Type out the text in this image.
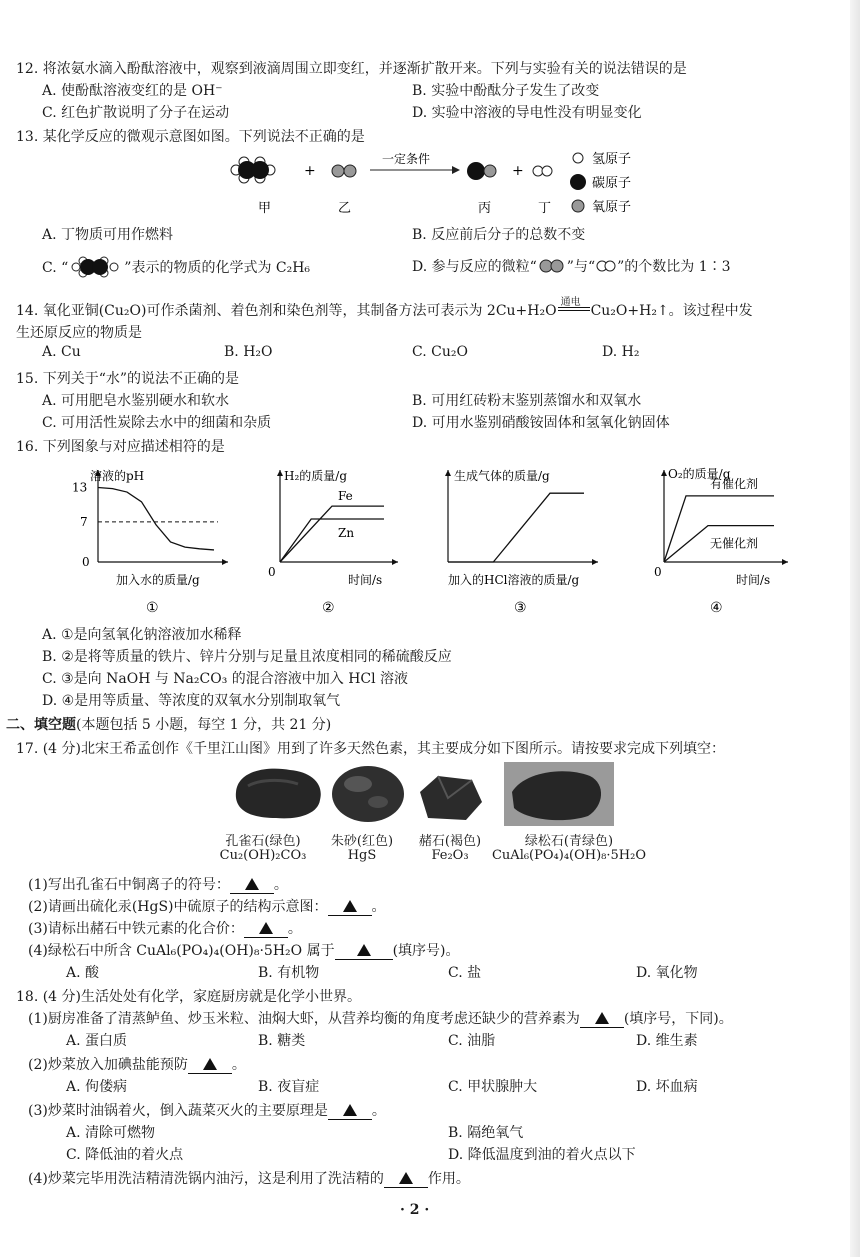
12. 将浓氨水滴入酚酞溶液中，观察到液滴周围立即变红，并逐渐扩散开来。下列与实验有关的说法错误的是
A. 使酚酞溶液变红的是 OH⁻	B. 实验中酚酞分子发生了改变
C. 红色扩散说明了分子在运动	D. 实验中溶液的导电性没有明显变化
13. 某化学反应的微观示意图如图。下列说法不正确的是
+
一定条件
+
甲	乙	丙	丁
氢原子
碳原子
氧原子
A. 丁物质可用作燃料	B. 反应前后分子的总数不变
C. “	”表示的物质的化学式为 C₂H₆	D. 参与反应的微粒“ ”与“ ”的个数比为 1∶3
14. 氧化亚铜(Cu₂O)可作杀菌剂、着色剂和染色剂等，其制备方法可表示为 2Cu+H₂O
通电
Cu₂O+H₂↑。该过程中发
生还原反应的物质是
A. Cu	B. H₂O	C. Cu₂O	D. H₂
15. 下列关于“水”的说法不正确的是
A. 可用肥皂水鉴别硬水和软水	B. 可用红砖粉末鉴别蒸馏水和双氧水
C. 可用活性炭除去水中的细菌和杂质	D. 可用水鉴别硝酸铵固体和氢氧化钠固体
16. 下列图象与对应描述相符的是
溶液的pH
13
7
0
加入水的质量/g
①
H₂的质量/g
0
Fe
Zn
时间/s
②
生成气体的质量/g
加入的HCl溶液的质量/g
③
O₂的质量/g
0
有催化剂
无催化剂
时间/s
④
A. ①是向氢氧化钠溶液加水稀释
B. ②是将等质量的铁片、锌片分别与足量且浓度相同的稀硫酸反应
C. ③是向 NaOH 与 Na₂CO₃ 的混合溶液中加入 HCl 溶液
D. ④是用等质量、等浓度的双氧水分别制取氧气
二、填空题(本题包括 5 小题，每空 1 分，共 21 分)
17. (4 分)北宋王希孟创作《千里江山图》用到了许多天然色素，其主要成分如下图所示。请按要求完成下列填空：
孔雀石(绿色)
Cu₂(OH)₂CO₃
朱砂(红色)
HgS
赭石(褐色)
Fe₂O₃
绿松石(青绿色)
CuAl₆(PO₄)₄(OH)₈·5H₂O
(1)写出孔雀石中铜离子的符号：	。
(2)请画出硫化汞(HgS)中硫原子的结构示意图：	。
(3)请标出赭石中铁元素的化合价：	。
(4)绿松石中所含 CuAl₆(PO₄)₄(OH)₈·5H₂O 属于	(填序号)。
A. 酸	B. 有机物	C. 盐	D. 氧化物
18. (4 分)生活处处有化学，家庭厨房就是化学小世界。
(1)厨房准备了清蒸鲈鱼、炒玉米粒、油焖大虾，从营养均衡的角度考虑还缺少的营养素为	(填序号，下同)。
A. 蛋白质	B. 糖类	C. 油脂	D. 维生素
(2)炒菜放入加碘盐能预防	。
A. 佝偻病	B. 夜盲症	C. 甲状腺肿大	D. 坏血病
(3)炒菜时油锅着火，倒入蔬菜灭火的主要原理是	。
A. 清除可燃物	B. 隔绝氧气
C. 降低油的着火点	D. 降低温度到油的着火点以下
(4)炒菜完毕用洗洁精清洗锅内油污，这是利用了洗洁精的	作用。
· 2 ·
